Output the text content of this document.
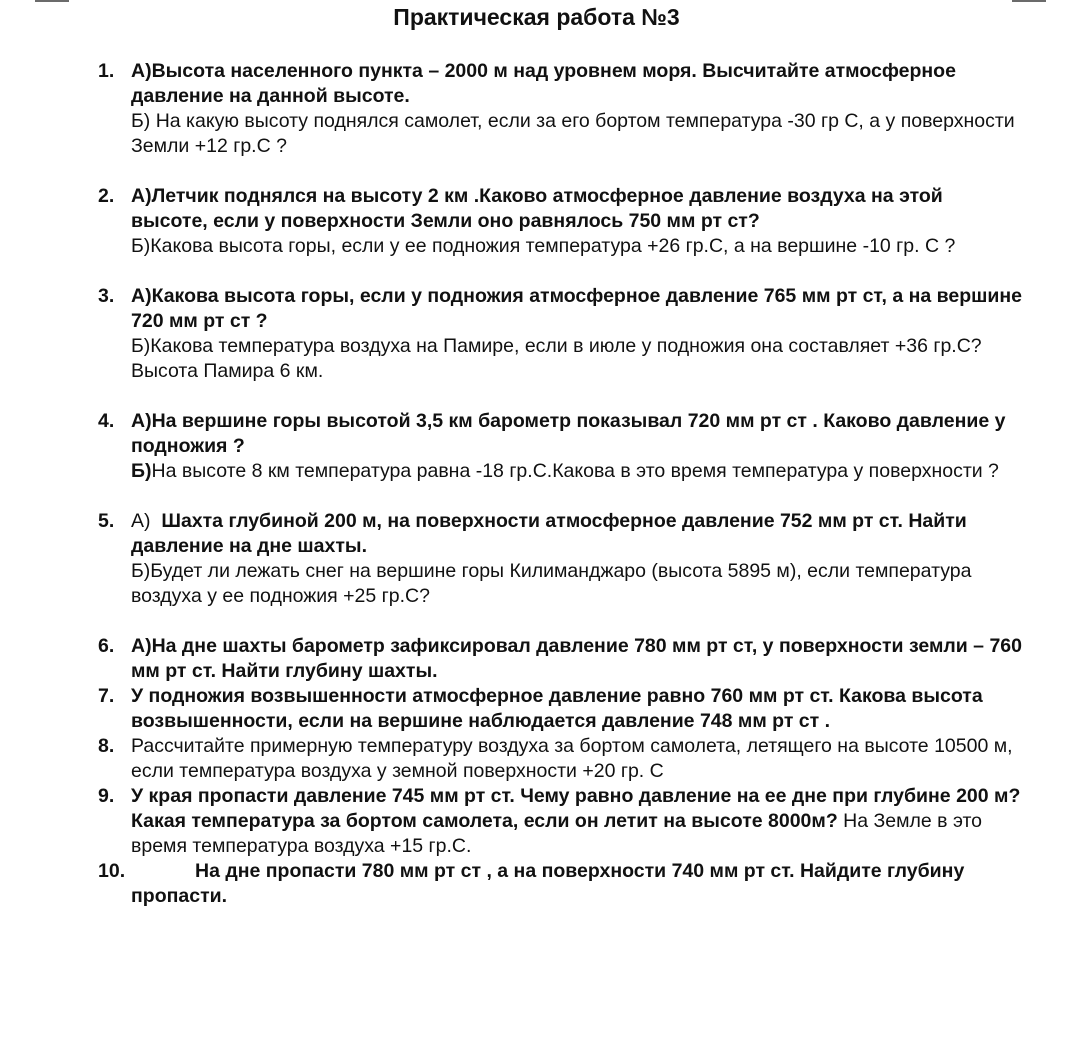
Практическая работа №3
1. А)Высота населенного пункта – 2000 м над уровнем моря. Высчитайте атмосферное давление на данной высоте.
Б) На какую высоту поднялся самолет, если за его бортом температура -30 гр С, а у поверхности Земли +12 гр.С ?
2. А)Летчик поднялся на высоту 2 км .Каково атмосферное давление воздуха на этойвысоте, если у поверхности Земли оно равнялось 750 мм рт ст?
Б)Какова высота горы, если у ее подножия температура +26 гр.С, а на вершине -10 гр. С ?
3. А)Какова высота горы, если у подножия атмосферное давление 765 мм рт ст, а на вершине 720 мм рт ст ?
Б)Какова температура воздуха на Памире, если в июле у подножия она составляет +36 гр.С? Высота Памира 6 км.
4. А)На вершине горы высотой 3,5 км барометр показывал 720 мм рт ст . Каково давление у подножия ?
Б)На высоте 8 км температура равна -18 гр.С.Какова в это время температура у поверхности ?
5. А)  Шахта глубиной 200 м, на поверхности атмосферное давление 752 мм рт ст. Найти давление на дне шахты.
Б)Будет ли лежать снег на вершине горы Килиманджаро (высота 5895 м), если температура воздуха у ее подножия +25 гр.С?
6. А)На дне шахты барометр зафиксировал давление 780 мм рт ст, у поверхности земли – 760 мм рт ст. Найти глубину шахты.
7. У подножия возвышенности атмосферное давление равно 760 мм рт ст. Какова высота возвышенности, если на вершине наблюдается давление 748 мм рт ст .
8. Рассчитайте примерную температуру воздуха за бортом самолета, летящего на высоте 10500 м, если температура воздуха у земной поверхности +20 гр. С
9. У края пропасти давление 745 мм рт ст. Чему равно давление на ее дне при глубине 200 м?Какая температура за бортом самолета, если он летит на высоте 8000м? На Земле в это время температура воздуха +15 гр.С.
10.	На дне пропасти 780 мм рт ст , а на поверхности 740 мм рт ст. Найдите глубину пропасти.
